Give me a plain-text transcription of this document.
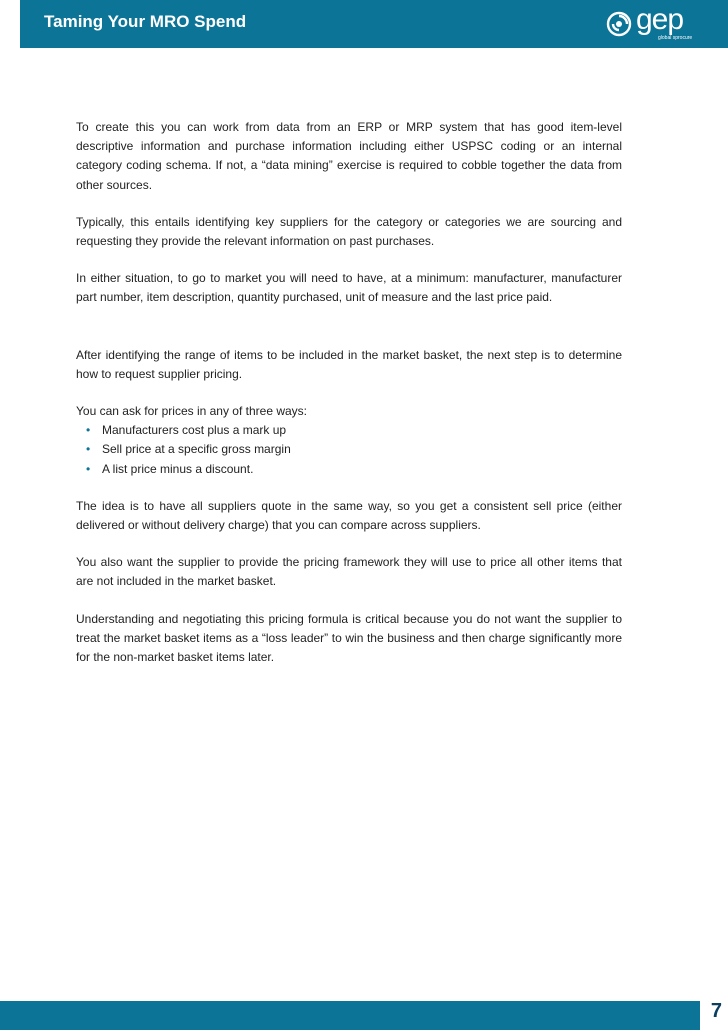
Taming Your MRO Spend	gep
global sprocure

To create this you can work from data from an ERP or MRP system that has good item-level descriptive information and purchase information including either USPSC coding or an internal category coding schema. If not, a “data mining” exercise is required to cobble together the data from other sources.

Typically, this entails identifying key suppliers for the category or categories we are sourcing and requesting they provide the relevant information on past purchases.

In either situation, to go to market you will need to have, at a minimum: manufacturer, manufacturer part number, item description, quantity purchased, unit of measure and the last price paid.

After identifying the range of items to be included in the market basket, the next step is to determine how to request supplier pricing.

You can ask for prices in any of three ways:

• Manufacturers cost plus a mark up
• Sell price at a specific gross margin
• A list price minus a discount.

The idea is to have all suppliers quote in the same way, so you get a consistent sell price (either delivered or without delivery charge) that you can compare across suppliers.

You also want the supplier to provide the pricing framework they will use to price all other items that are not included in the market basket.

Understanding and negotiating this pricing formula is critical because you do not want the supplier to treat the market basket items as a “loss leader” to win the business and then charge significantly more for the non-market basket items later.

7
